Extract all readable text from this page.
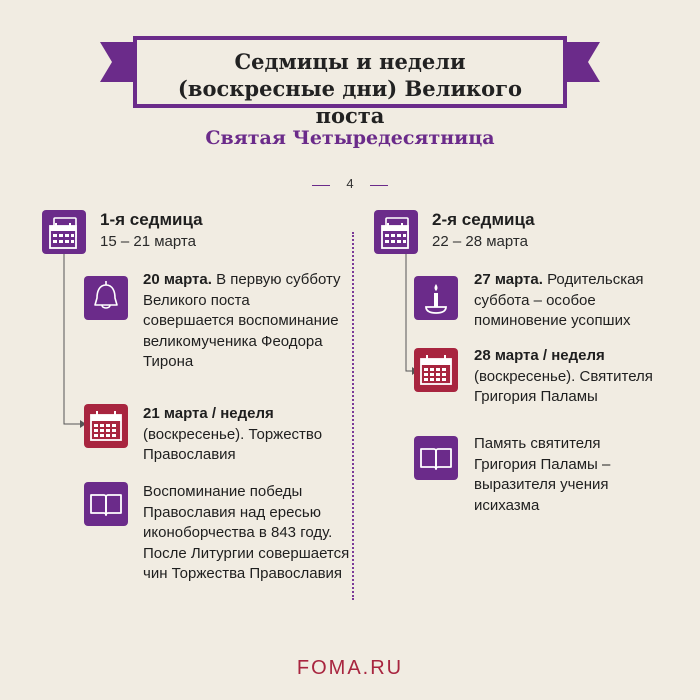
Седмицы и недели
(воскресные дни) Великого поста
Святая Четыредесятница
4
1-я седмица
15 – 21 марта
20 марта. В первую субботу Великого поста совершается воспоминание великомученика Феодора Тирона
21 марта / неделя (воскресенье). Торжество Православия
Воспоминание победы Православия над ересью иконоборчества в 843 году. После Литургии совершается чин Торжества Православия
2-я седмица
22 – 28 марта
27 марта. Родительская суббота – особое поминовение усопших
28 марта / неделя (воскресенье). Святителя Григория Паламы
Память святителя Григория Паламы – выразителя учения исихазма
FOMA.RU
